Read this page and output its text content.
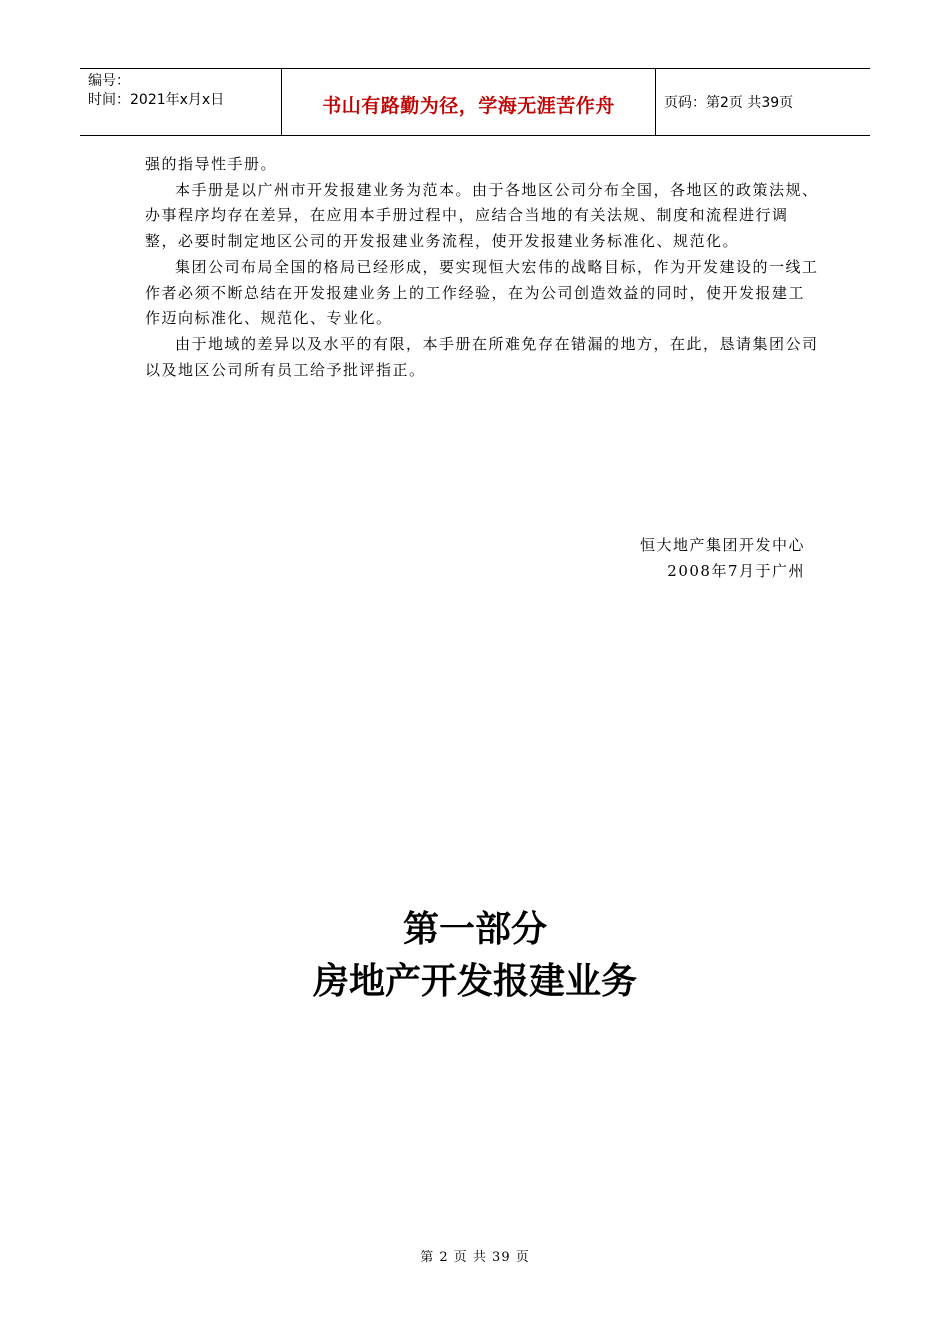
编号：
时间：2021年x月x日	书山有路勤为径，学海无涯苦作舟	页码：第2页 共39页

强的指导性手册。

本手册是以广州市开发报建业务为范本。由于各地区公司分布全国，各地区的政策法规、办事程序均存在差异，在应用本手册过程中，应结合当地的有关法规、制度和流程进行调整，必要时制定地区公司的开发报建业务流程，使开发报建业务标准化、规范化。

集团公司布局全国的格局已经形成，要实现恒大宏伟的战略目标，作为开发建设的一线工作者必须不断总结在开发报建业务上的工作经验，在为公司创造效益的同时，使开发报建工作迈向标准化、规范化、专业化。

由于地域的差异以及水平的有限，本手册在所难免存在错漏的地方，在此，恳请集团公司以及地区公司所有员工给予批评指正。

恒大地产集团开发中心
2008年7月于广州
第一部分
房地产开发报建业务
第 2 页 共 39 页
